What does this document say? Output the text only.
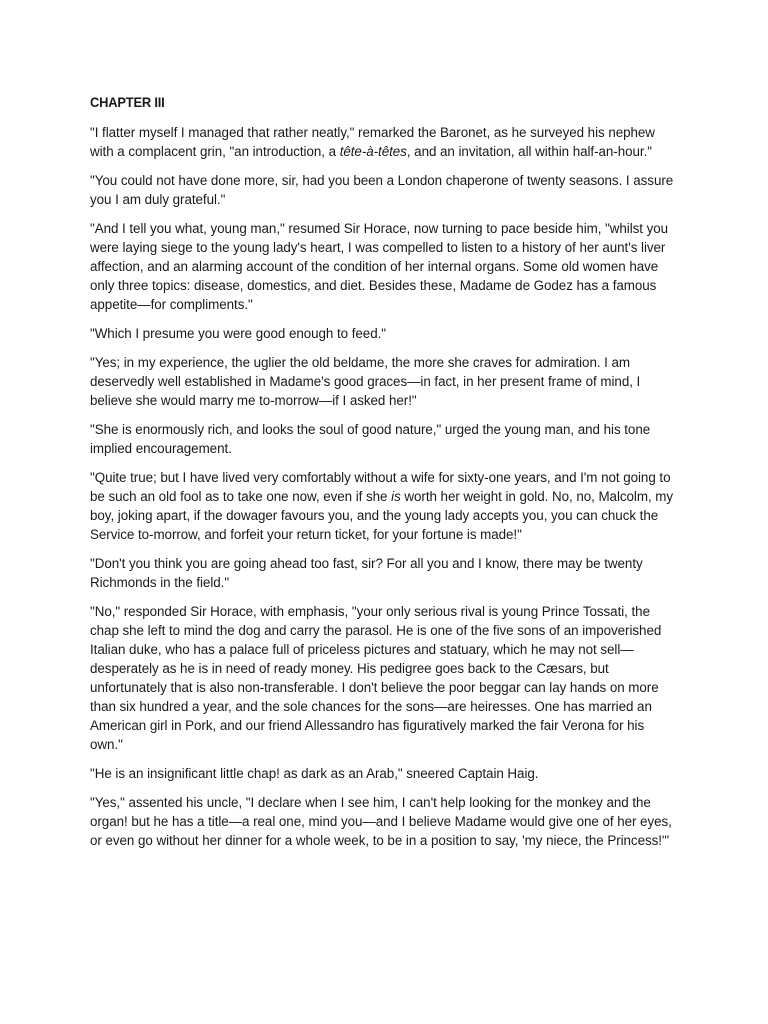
CHAPTER III

"I flatter myself I managed that rather neatly," remarked the Baronet, as he surveyed his nephew with a complacent grin, "an introduction, a tête-à-têtes, and an invitation, all within half-an-hour."

"You could not have done more, sir, had you been a London chaperone of twenty seasons. I assure you I am duly grateful."

"And I tell you what, young man," resumed Sir Horace, now turning to pace beside him, "whilst you were laying siege to the young lady's heart, I was compelled to listen to a history of her aunt's liver affection, and an alarming account of the condition of her internal organs. Some old women have only three topics: disease, domestics, and diet. Besides these, Madame de Godez has a famous appetite—for compliments."

"Which I presume you were good enough to feed."

"Yes; in my experience, the uglier the old beldame, the more she craves for admiration. I am deservedly well established in Madame's good graces—in fact, in her present frame of mind, I believe she would marry me to-morrow—if I asked her!"

"She is enormously rich, and looks the soul of good nature," urged the young man, and his tone implied encouragement.

"Quite true; but I have lived very comfortably without a wife for sixty-one years, and I'm not going to be such an old fool as to take one now, even if she is worth her weight in gold. No, no, Malcolm, my boy, joking apart, if the dowager favours you, and the young lady accepts you, you can chuck the Service to-morrow, and forfeit your return ticket, for your fortune is made!"

"Don't you think you are going ahead too fast, sir? For all you and I know, there may be twenty Richmonds in the field."

"No," responded Sir Horace, with emphasis, "your only serious rival is young Prince Tossati, the chap she left to mind the dog and carry the parasol. He is one of the five sons of an impoverished Italian duke, who has a palace full of priceless pictures and statuary, which he may not sell—desperately as he is in need of ready money. His pedigree goes back to the Cæsars, but unfortunately that is also non-transferable. I don't believe the poor beggar can lay hands on more than six hundred a year, and the sole chances for the sons—are heiresses. One has married an American girl in Pork, and our friend Allessandro has figuratively marked the fair Verona for his own."

"He is an insignificant little chap! as dark as an Arab," sneered Captain Haig.

"Yes," assented his uncle, "I declare when I see him, I can't help looking for the monkey and the organ! but he has a title—a real one, mind you—and I believe Madame would give one of her eyes, or even go without her dinner for a whole week, to be in a position to say, 'my niece, the Princess!'"
